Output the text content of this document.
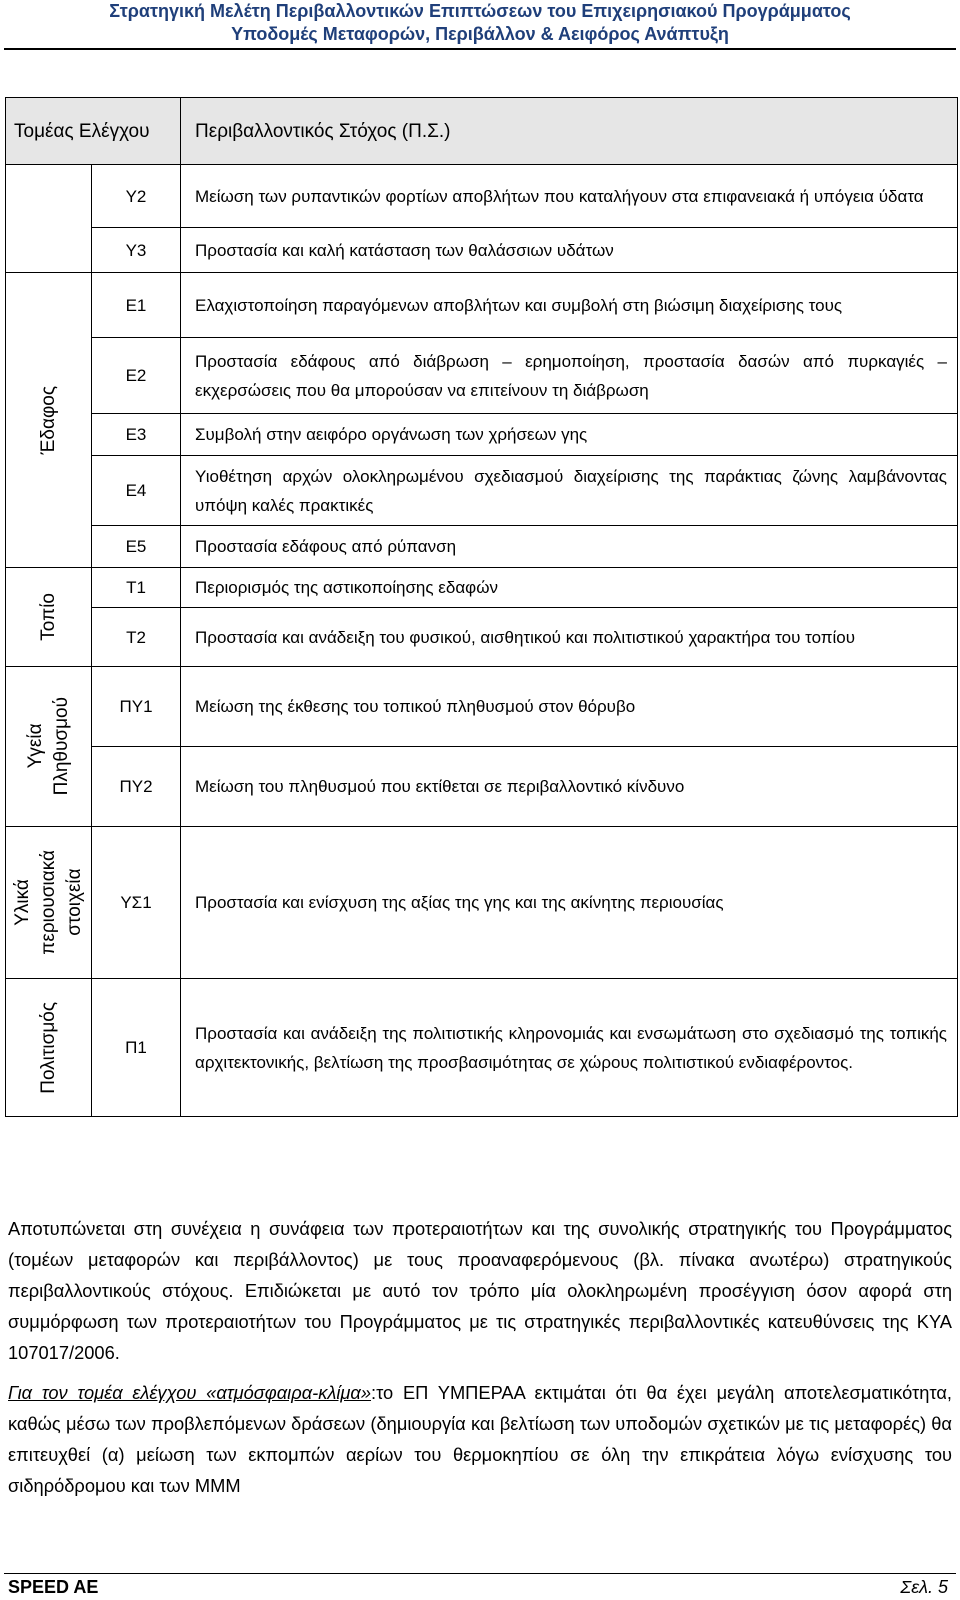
Στρατηγική Μελέτη Περιβαλλοντικών Επιπτώσεων του Επιχειρησιακού Προγράμματος
Υποδομές Μεταφορών, Περιβάλλον & Αειφόρος Ανάπτυξη
Τομέας Ελέγχου		Περιβαλλοντικός Στόχος (Π.Σ.)
	Υ2	Μείωση των ρυπαντικών φορτίων αποβλήτων που καταλήγουν στα επιφανειακά ή υπόγεια ύδατα
	Υ3	Προστασία και καλή κατάσταση των θαλάσσιων υδάτων

Έδαφος	Ε1	Ελαχιστοποίηση παραγόμενων αποβλήτων και συμβολή στη βιώσιμη διαχείρισης τους
	Ε2	Προστασία εδάφους από διάβρωση – ερημοποίηση, προστασία δασών από πυρκαγιές – εκχερσώσεις που θα μπορούσαν να επιτείνουν τη διάβρωση
	Ε3	Συμβολή στην αειφόρο οργάνωση των χρήσεων γης
	Ε4	Υιοθέτηση αρχών ολοκληρωμένου σχεδιασμού διαχείρισης της παράκτιας ζώνης λαμβάνοντας υπόψη καλές πρακτικές
	Ε5	Προστασία εδάφους από ρύπανση

Τοπίο	Τ1	Περιορισμός της αστικοποίησης εδαφών
	Τ2	Προστασία και ανάδειξη του φυσικού, αισθητικού και πολιτιστικού χαρακτήρα του τοπίου

Υγεία Πληθυσμού	ΠΥ1	Μείωση της έκθεσης του τοπικού πληθυσμού στον θόρυβο
	ΠΥ2	Μείωση του πληθυσμού που εκτίθεται σε περιβαλλοντικό κίνδυνο

Υλικά περιουσιακά στοιχεία	ΥΣ1	Προστασία και ενίσχυση της αξίας της γης και της ακίνητης περιουσίας

Πολιτισμός	Π1	Προστασία και ανάδειξη της πολιτιστικής κληρονομιάς και ενσωμάτωση στο σχεδιασμό της τοπικής αρχιτεκτονικής, βελτίωση της προσβασιμότητας σε χώρους πολιτιστικού ενδιαφέροντος.

Αποτυπώνεται στη συνέχεια η συνάφεια των προτεραιοτήτων και της συνολικής στρατηγικής του Προγράμματος (τομέων μεταφορών και περιβάλλοντος) με τους προαναφερόμενους (βλ. πίνακα ανωτέρω) στρατηγικούς περιβαλλοντικούς στόχους. Επιδιώκεται με αυτό τον τρόπο μία ολοκληρωμένη προσέγγιση όσον αφορά στη συμμόρφωση των προτεραιοτήτων του Προγράμματος με τις στρατηγικές περιβαλλοντικές κατευθύνσεις της ΚΥΑ 107017/2006.

Για τον τομέα ελέγχου «ατμόσφαιρα-κλίμα»:το ΕΠ ΥΜΠΕΡΑΑ εκτιμάται ότι θα έχει μεγάλη αποτελεσματικότητα, καθώς μέσω των προβλεπόμενων δράσεων (δημιουργία και βελτίωση των υποδομών σχετικών με τις μεταφορές) θα επιτευχθεί (α) μείωση των εκπομπών αερίων του θερμοκηπίου σε όλη την επικράτεια λόγω ενίσχυσης του σιδηρόδρομου και των ΜΜΜ

SPEED AE	Σελ. 5
